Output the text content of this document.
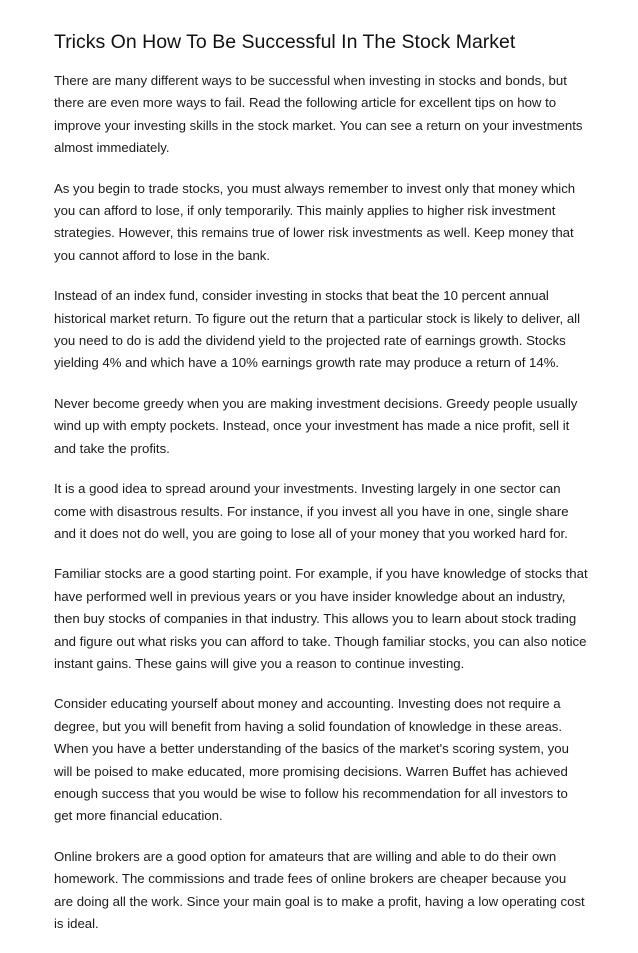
Tricks On How To Be Successful In The Stock Market

There are many different ways to be successful when investing in stocks and bonds, but there are even more ways to fail. Read the following article for excellent tips on how to improve your investing skills in the stock market. You can see a return on your investments almost immediately.

As you begin to trade stocks, you must always remember to invest only that money which you can afford to lose, if only temporarily. This mainly applies to higher risk investment strategies. However, this remains true of lower risk investments as well. Keep money that you cannot afford to lose in the bank.

Instead of an index fund, consider investing in stocks that beat the 10 percent annual historical market return. To figure out the return that a particular stock is likely to deliver, all you need to do is add the dividend yield to the projected rate of earnings growth. Stocks yielding 4% and which have a 10% earnings growth rate may produce a return of 14%.

Never become greedy when you are making investment decisions. Greedy people usually wind up with empty pockets. Instead, once your investment has made a nice profit, sell it and take the profits.

It is a good idea to spread around your investments. Investing largely in one sector can come with disastrous results. For instance, if you invest all you have in one, single share and it does not do well, you are going to lose all of your money that you worked hard for.

Familiar stocks are a good starting point. For example, if you have knowledge of stocks that have performed well in previous years or you have insider knowledge about an industry, then buy stocks of companies in that industry. This allows you to learn about stock trading and figure out what risks you can afford to take. Though familiar stocks, you can also notice instant gains. These gains will give you a reason to continue investing.

Consider educating yourself about money and accounting. Investing does not require a degree, but you will benefit from having a solid foundation of knowledge in these areas. When you have a better understanding of the basics of the market's scoring system, you will be poised to make educated, more promising decisions. Warren Buffet has achieved enough success that you would be wise to follow his recommendation for all investors to get more financial education.

Online brokers are a good option for amateurs that are willing and able to do their own homework. The commissions and trade fees of online brokers are cheaper because you are doing all the work. Since your main goal is to make a profit, having a low operating cost is ideal.
